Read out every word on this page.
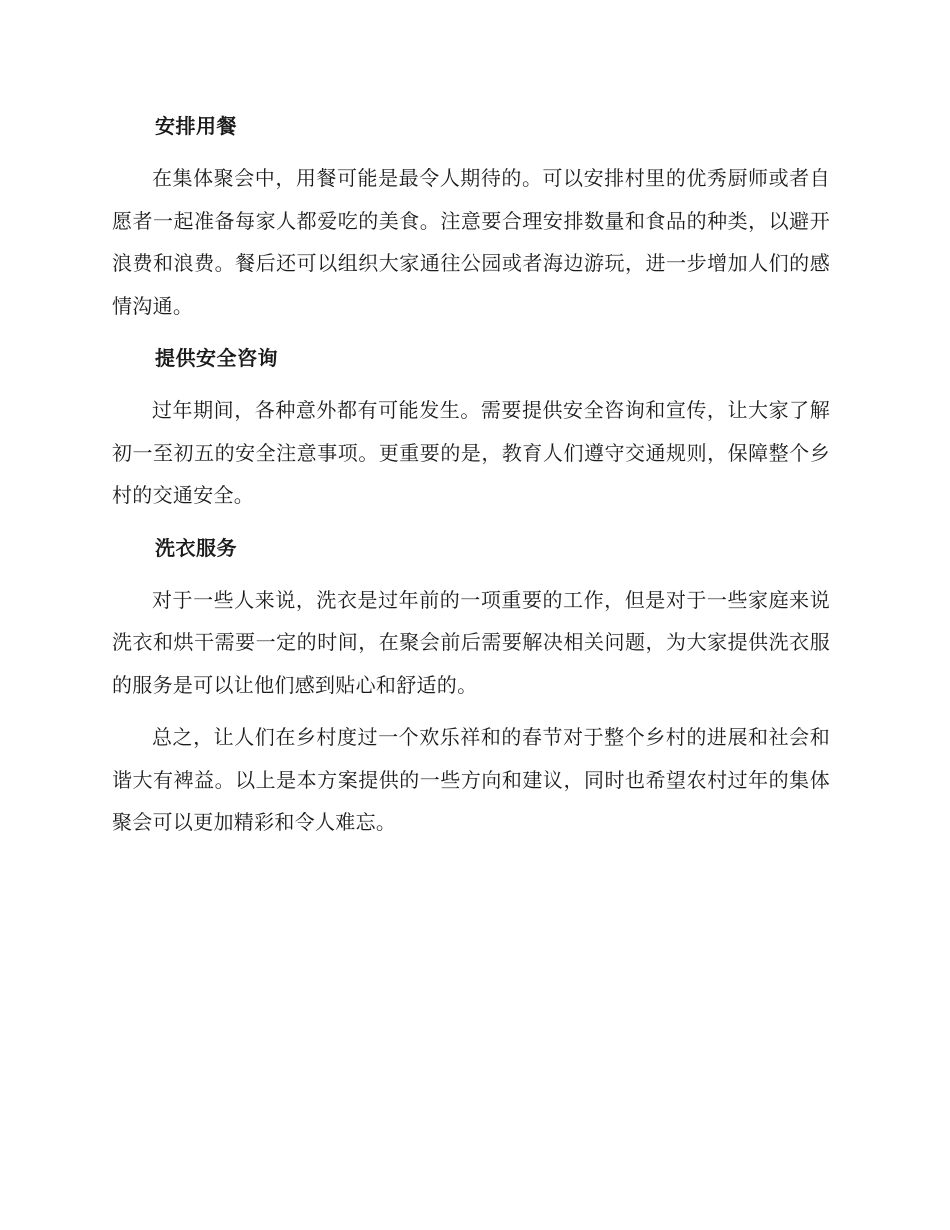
安排用餐

在集体聚会中，用餐可能是最令人期待的。可以安排村里的优秀厨师或者自愿者一起准备每家人都爱吃的美食。注意要合理安排数量和食品的种类，以避开浪费和浪费。餐后还可以组织大家通往公园或者海边游玩，进一步增加人们的感情沟通。

提供安全咨询

过年期间，各种意外都有可能发生。需要提供安全咨询和宣传，让大家了解初一至初五的安全注意事项。更重要的是，教育人们遵守交通规则，保障整个乡村的交通安全。

洗衣服务

对于一些人来说，洗衣是过年前的一项重要的工作，但是对于一些家庭来说洗衣和烘干需要一定的时间，在聚会前后需要解决相关问题，为大家提供洗衣服的服务是可以让他们感到贴心和舒适的。

总之，让人们在乡村度过一个欢乐祥和的春节对于整个乡村的进展和社会和谐大有裨益。以上是本方案提供的一些方向和建议，同时也希望农村过年的集体聚会可以更加精彩和令人难忘。
